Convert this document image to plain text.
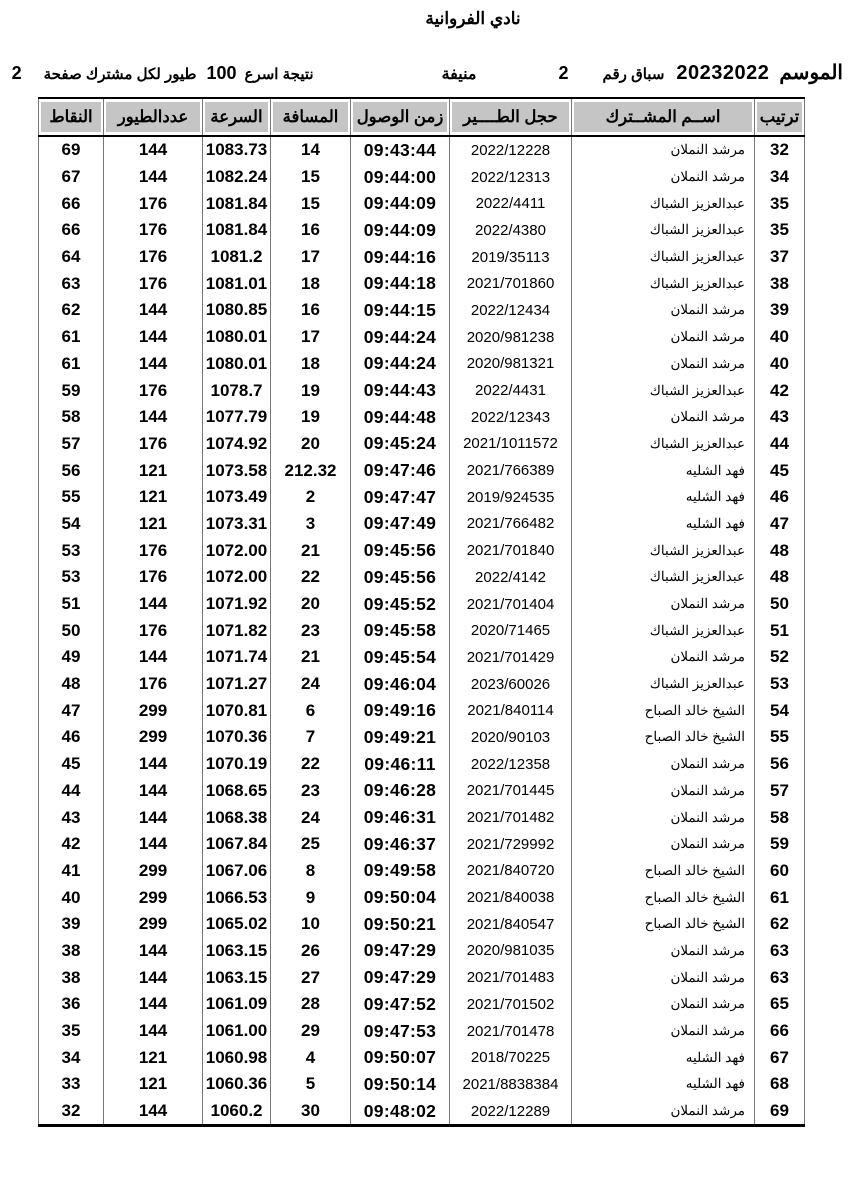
نادي الفروانية
الموسم
20232022
سباق رقم
2
منيفة
نتيجة اسرع
100
طيور لكل مشترك صفحة
2
ترتيب	اســم المشــترك	حجل الطــــير	زمن الوصول	المسافة	السرعة	عددالطيور	النقاط

32	مرشد النملان	2022/12228	09:43:44	14	1083.73	144	69
34	مرشد النملان	2022/12313	09:44:00	15	1082.24	144	67
35	عبدالعزيز الشباك	2022/4411	09:44:09	15	1081.84	176	66
35	عبدالعزيز الشباك	2022/4380	09:44:09	16	1081.84	176	66
37	عبدالعزيز الشباك	2019/35113	09:44:16	17	1081.2	176	64
38	عبدالعزيز الشباك	2021/701860	09:44:18	18	1081.01	176	63
39	مرشد النملان	2022/12434	09:44:15	16	1080.85	144	62
40	مرشد النملان	2020/981238	09:44:24	17	1080.01	144	61
40	مرشد النملان	2020/981321	09:44:24	18	1080.01	144	61
42	عبدالعزيز الشباك	2022/4431	09:44:43	19	1078.7	176	59
43	مرشد النملان	2022/12343	09:44:48	19	1077.79	144	58
44	عبدالعزيز الشباك	2021/1011572	09:45:24	20	1074.92	176	57
45	فهد الشليه	2021/766389	09:47:46	212.32	1073.58	121	56
46	فهد الشليه	2019/924535	09:47:47	2	1073.49	121	55
47	فهد الشليه	2021/766482	09:47:49	3	1073.31	121	54
48	عبدالعزيز الشباك	2021/701840	09:45:56	21	1072.00	176	53
48	عبدالعزيز الشباك	2022/4142	09:45:56	22	1072.00	176	53
50	مرشد النملان	2021/701404	09:45:52	20	1071.92	144	51
51	عبدالعزيز الشباك	2020/71465	09:45:58	23	1071.82	176	50
52	مرشد النملان	2021/701429	09:45:54	21	1071.74	144	49
53	عبدالعزيز الشباك	2023/60026	09:46:04	24	1071.27	176	48
54	الشيخ خالد الصباح	2021/840114	09:49:16	6	1070.81	299	47
55	الشيخ خالد الصباح	2020/90103	09:49:21	7	1070.36	299	46
56	مرشد النملان	2022/12358	09:46:11	22	1070.19	144	45
57	مرشد النملان	2021/701445	09:46:28	23	1068.65	144	44
58	مرشد النملان	2021/701482	09:46:31	24	1068.38	144	43
59	مرشد النملان	2021/729992	09:46:37	25	1067.84	144	42
60	الشيخ خالد الصباح	2021/840720	09:49:58	8	1067.06	299	41
61	الشيخ خالد الصباح	2021/840038	09:50:04	9	1066.53	299	40
62	الشيخ خالد الصباح	2021/840547	09:50:21	10	1065.02	299	39
63	مرشد النملان	2020/981035	09:47:29	26	1063.15	144	38
63	مرشد النملان	2021/701483	09:47:29	27	1063.15	144	38
65	مرشد النملان	2021/701502	09:47:52	28	1061.09	144	36
66	مرشد النملان	2021/701478	09:47:53	29	1061.00	144	35
67	فهد الشليه	2018/70225	09:50:07	4	1060.98	121	34
68	فهد الشليه	2021/8838384	09:50:14	5	1060.36	121	33
69	مرشد النملان	2022/12289	09:48:02	30	1060.2	144	32
